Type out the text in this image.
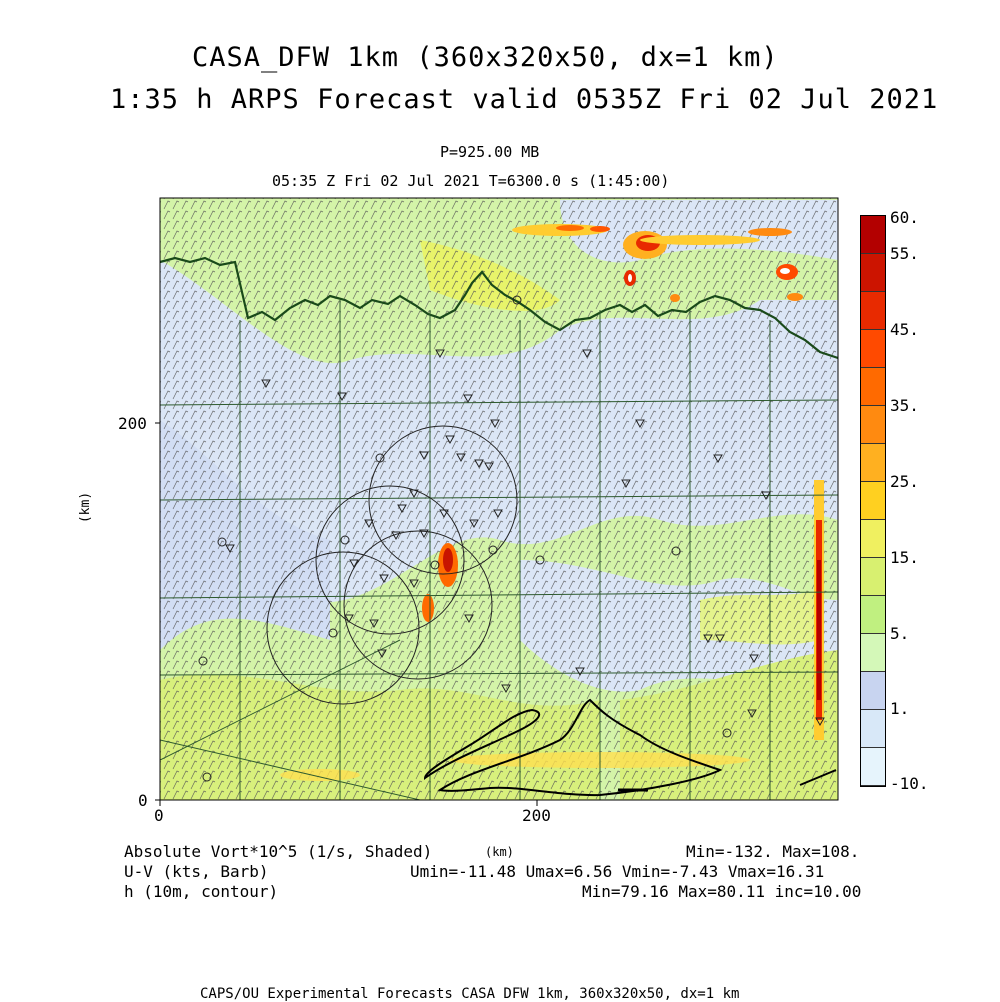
CASA_DFW 1km (360x320x50, dx=1 km)
1:35 h ARPS Forecast valid 0535Z Fri 02 Jul 2021
P=925.00 MB
05:35 Z Fri 02 Jul 2021 T=6300.0 s (1:45:00)
200
0
0	200
(km)
(km)
60.
55.
45.
35.
25.
15.
5.
1.
-10.
Absolute Vort*10^5 (1/s, Shaded)	Min=-132. Max=108.
U-V (kts, Barb)	Umin=-11.48 Umax=6.56 Vmin=-7.43 Vmax=16.31
h (10m, contour)	Min=79.16 Max=80.11 inc=10.00
CAPS/OU Experimental Forecasts CASA DFW 1km, 360x320x50, dx=1 km
